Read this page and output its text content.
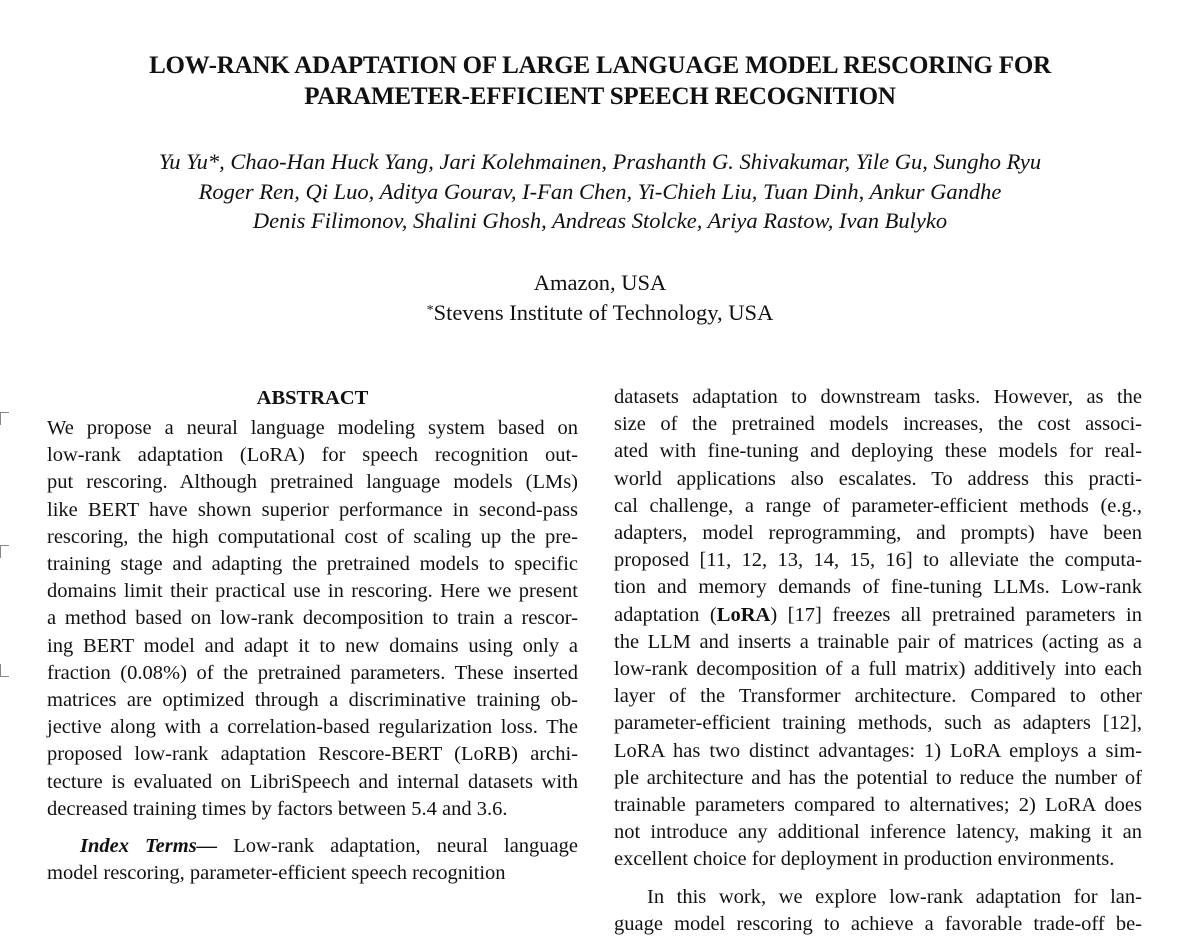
LOW-RANK ADAPTATION OF LARGE LANGUAGE MODEL RESCORING FOR
PARAMETER-EFFICIENT SPEECH RECOGNITION
Yu Yu*, Chao-Han Huck Yang, Jari Kolehmainen, Prashanth G. Shivakumar, Yile Gu, Sungho Ryu
Roger Ren, Qi Luo, Aditya Gourav, I-Fan Chen, Yi-Chieh Liu, Tuan Dinh, Ankur Gandhe
Denis Filimonov, Shalini Ghosh, Andreas Stolcke, Ariya Rastow, Ivan Bulyko
Amazon, USA
*Stevens Institute of Technology, USA
ABSTRACT
We propose a neural language modeling system based on
low-rank adaptation (LoRA) for speech recognition out-
put rescoring. Although pretrained language models (LMs)
like BERT have shown superior performance in second-pass
rescoring, the high computational cost of scaling up the pre-
training stage and adapting the pretrained models to specific
domains limit their practical use in rescoring. Here we present
a method based on low-rank decomposition to train a rescor-
ing BERT model and adapt it to new domains using only a
fraction (0.08%) of the pretrained parameters. These inserted
matrices are optimized through a discriminative training ob-
jective along with a correlation-based regularization loss. The
proposed low-rank adaptation Rescore-BERT (LoRB) archi-
tecture is evaluated on LibriSpeech and internal datasets with
decreased training times by factors between 5.4 and 3.6.
Index Terms— Low-rank adaptation, neural language
model rescoring, parameter-efficient speech recognition
datasets adaptation to downstream tasks. However, as the
size of the pretrained models increases, the cost associ-
ated with fine-tuning and deploying these models for real-
world applications also escalates. To address this practi-
cal challenge, a range of parameter-efficient methods (e.g.,
adapters, model reprogramming, and prompts) have been
proposed [11, 12, 13, 14, 15, 16] to alleviate the computa-
tion and memory demands of fine-tuning LLMs. Low-rank
adaptation (LoRA) [17] freezes all pretrained parameters in
the LLM and inserts a trainable pair of matrices (acting as a
low-rank decomposition of a full matrix) additively into each
layer of the Transformer architecture. Compared to other
parameter-efficient training methods, such as adapters [12],
LoRA has two distinct advantages: 1) LoRA employs a sim-
ple architecture and has the potential to reduce the number of
trainable parameters compared to alternatives; 2) LoRA does
not introduce any additional inference latency, making it an
excellent choice for deployment in production environments.
In this work, we explore low-rank adaptation for lan-
guage model rescoring to achieve a favorable trade-off be-
